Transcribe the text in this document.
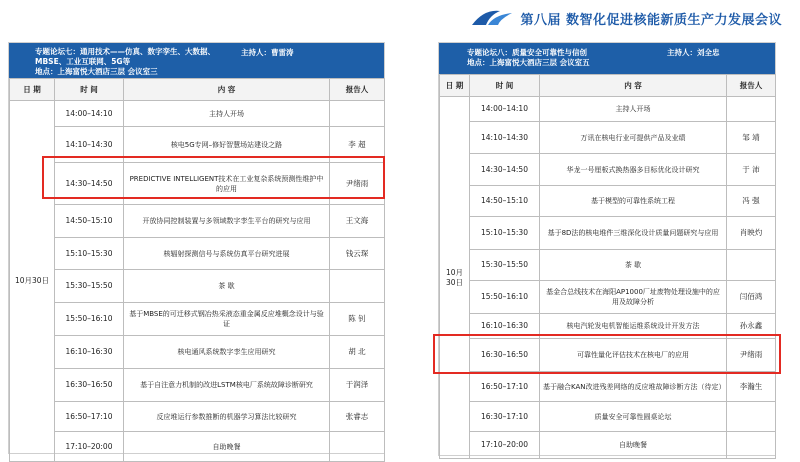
第八届 数智化促进核能新质生产力发展会议
专题论坛七：通用技术——仿真、数字孪生、大数据、MBSE、工业互联网、5G等
主持人：曹雷涛
地点：上海富悦大酒店三层 会议室三
日 期	时 间	内 容	报告人
10月30日	14:00–14:10	主持人开场	
	14:10–14:30	核电5G专网–修好智慧场站建设之路	李 超
	14:30–14:50	PREDICTIVE INTELLIGENT技术在工业复杂系统预测性维护中的应用	尹绪雨
	14:50–15:10	开放协同控制装置与多领域数字孪生平台的研究与应用	王文海
	15:10–15:30	核辐射探测信号与系统仿真平台研究进展	钱云琛
	15:30–15:50	茶 歇	
	15:50–16:10	基于MBSE的可迁移式钢冶热采液态重金属反应堆概念设计与验证	陈 钊
	16:10–16:30	核电通风系统数字孪生应用研究	胡 北
	16:30–16:50	基于自注意力机制的改进LSTM核电厂系统故障诊断研究	于润泽
	16:50–17:10	反应堆运行参数推断的机器学习算法比较研究	张睿志
	17:10–20:00	自助晚餐	
专题论坛八：质量安全可靠性与信创	主持人：刘全忠
地点：上海富悦大酒店三层 会议室五
日 期	时 间	内 容	报告人
10月30日	14:00–14:10	主持人开场	
	14:10–14:30	万讯在核电行业可提供产品及业绩	邹 靖
	14:30–14:50	华龙一号厘板式换热器多目标优化设计研究	于 沛
	14:50–15:10	基于模型的可靠性系统工程	冯 强
	15:10–15:30	基于8D法的核电堆件三维深化设计质量问题研究与应用	肖映灼
	15:30–15:50	茶 歇	
	15:50–16:10	基金合总线技术在海阳AP1000厂址废物处理设施中的应用及故障分析	闫佰鸿
	16:10–16:30	核电汽轮发电机智能运维系统设计开发方法	孙永鑫
	16:30–16:50	可靠性量化评估技术在核电厂的应用	尹绪雨
	16:50–17:10	基于融合KAN改进残差网络的反应堆故障诊断方法（待定）	李瀚生
	16:30–17:10	质量安全可靠性圆桌论坛	
	17:10–20:00	自助晚餐	
